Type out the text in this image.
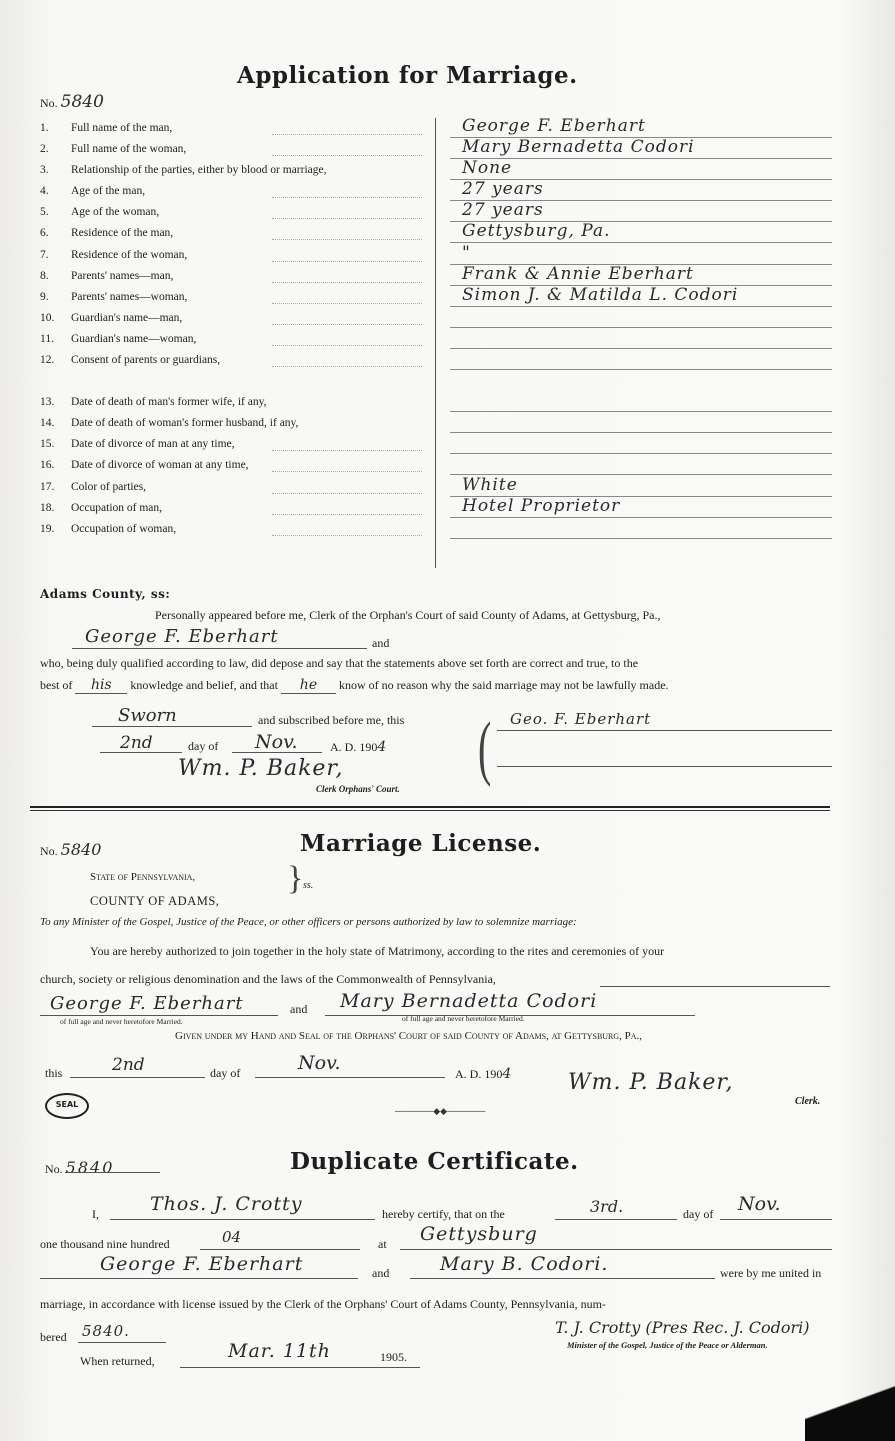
Application for Marriage.
No. 5840
1.	Full name of the man,	George F. Eberhart
2.	Full name of the woman,	Mary Bernadetta Codori
3.	Relationship of the parties, either by blood or marriage,	None
4.	Age of the man,	27 years
5.	Age of the woman,	27 years
6.	Residence of the man,	Gettysburg, Pa.
7.	Residence of the woman,	"
8.	Parents' names—man,	Frank & Annie Eberhart
9.	Parents' names—woman,	Simon J. & Matilda L. Codori
10.	Guardian's name—man,
11.	Guardian's name—woman,
12.	Consent of parents or guardians,
13.	Date of death of man's former wife, if any,
14.	Date of death of woman's former husband, if any,
15.	Date of divorce of man at any time,
16.	Date of divorce of woman at any time,
17.	Color of parties,	White
18.	Occupation of man,	Hotel Proprietor
19.	Occupation of woman,
Adams County, ss:
Personally appeared before me, Clerk of the Orphan's Court of said County of Adams, at Gettysburg, Pa.,
George F. Eberhart	and
who, being duly qualified according to law, did depose and say that the statements above set forth are correct and true, to the
best of his knowledge and belief, and that he know of no reason why the said marriage may not be lawfully made.
Sworn	and subscribed before me, this
2nd	day of Nov.	A. D. 1904
Wm. P. Baker,
Clerk Orphans' Court.
( Geo. F. Eberhart
No. 5840	Marriage License.
State of Pennsylvania,
COUNTY OF ADAMS,
} ss.
To any Minister of the Gospel, Justice of the Peace, or other officers or persons authorized by law to solemnize marriage:
You are hereby authorized to join together in the holy state of Matrimony, according to the rites and ceremonies of your
church, society or religious denomination and the laws of the Commonwealth of Pennsylvania,
George F. Eberhart	and Mary Bernadetta Codori
of full age and never heretofore Married.	of full age and never heretofore Married.
Given under my Hand and Seal of the Orphans' Court of said County of Adams, at Gettysburg, Pa.,
this	2nd	day of	Nov.	A. D. 1904	Wm. P. Baker,
Clerk.
SEAL
──────◆◆──────
No. 5840	Duplicate Certificate.
I,	Thos. J. Crotty	hereby certify, that on the	3rd.	day of Nov.
one thousand nine hundred	04	at Gettysburg
George F. Eberhart	and	Mary B. Codori.	were by me united in
marriage, in accordance with license issued by the Clerk of the Orphans' Court of Adams County, Pennsylvania, num-
bered 5840.
When returned,	Mar. 11th	1905.
T. J. Crotty (Pres Rec. J. Codori)
Minister of the Gospel, Justice of the Peace or Alderman.
